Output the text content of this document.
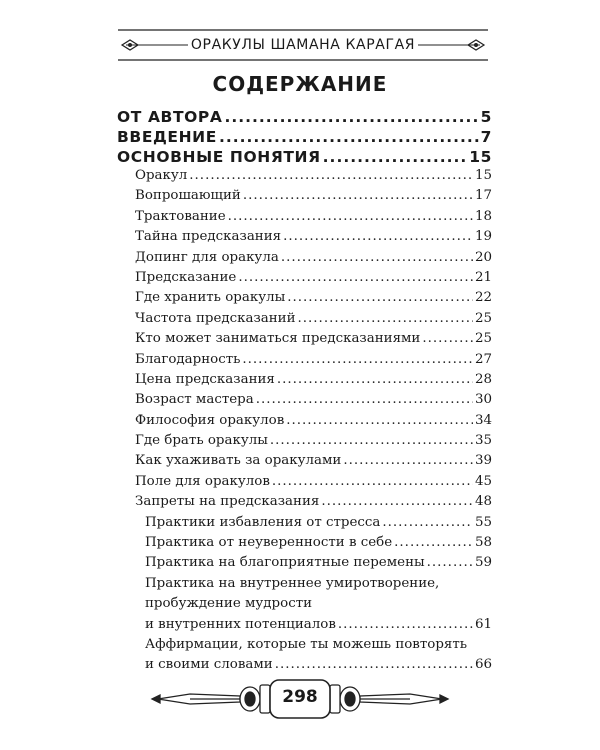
ОРАКУЛЫ ШАМАНА КАРАГАЯ
СОДЕРЖАНИЕ
ОТ АВТОРА .....	5
ВВЕДЕНИЕ .....	7
ОСНОВНЫЕ ПОНЯТИЯ .....	15
Оракул .....	15
Вопрошающий .....	17
Трактование .....	18
Тайна предсказания .....	19
Допинг для оракула .....	20
Предсказание .....	21
Где хранить оракулы .....	22
Частота предсказаний .....	25
Кто может заниматься предсказаниями .....	25
Благодарность .....	27
Цена предсказания .....	28
Возраст мастера .....	30
Философия оракулов .....	34
Где брать оракулы .....	35
Как ухаживать за оракулами .....	39
Поле для оракулов .....	45
Запреты на предсказания .....	48
Практики избавления от стресса .....	55
Практика от неуверенности в себе .....	58
Практика на благоприятные перемены .....	59
Практика на внутреннее умиротворение,
пробуждение мудрости
и внутренних потенциалов .....	61
Аффирмации, которые ты можешь повторять
и своими словами .....	66
298
